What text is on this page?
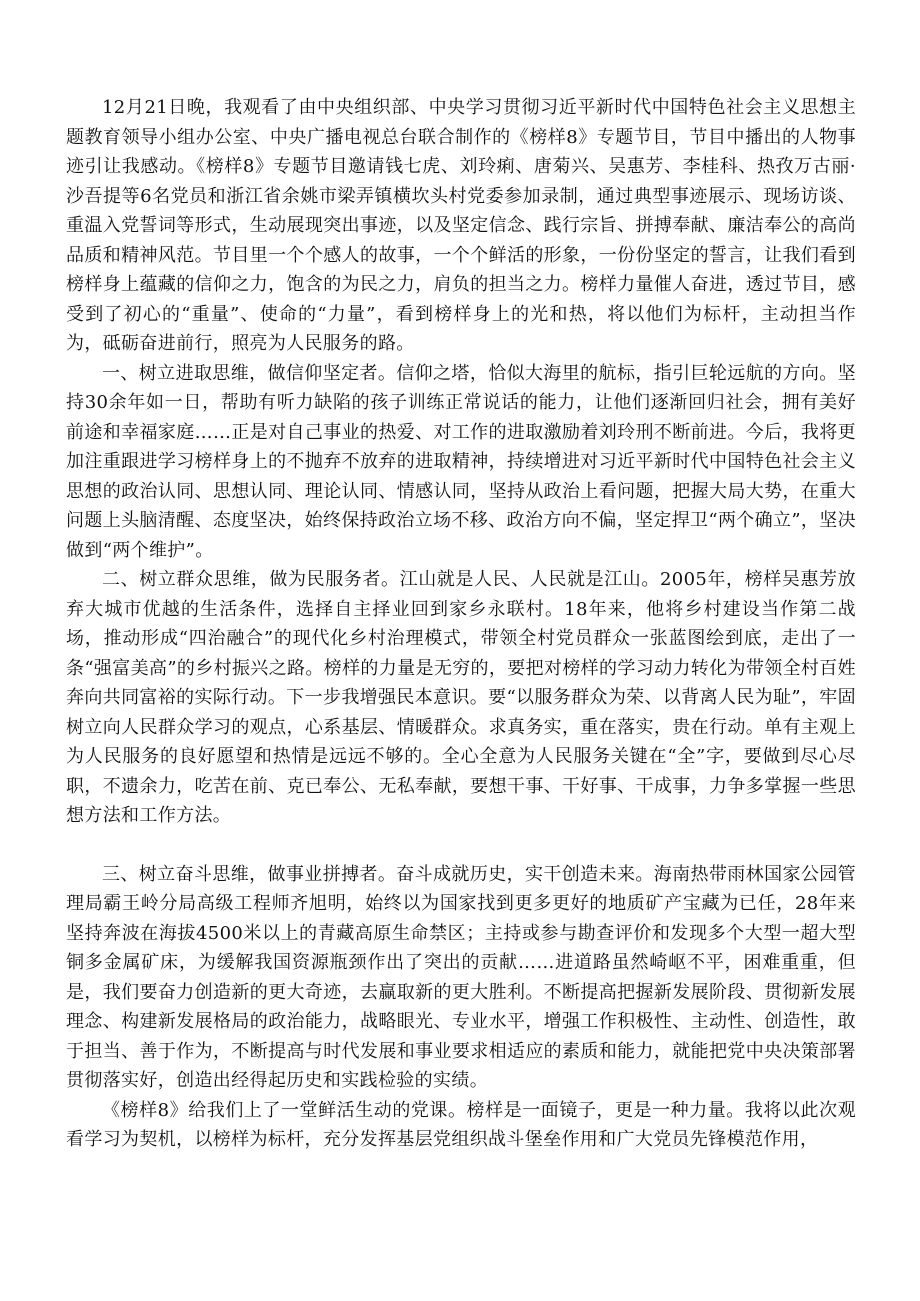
12月21日晚，我观看了由中央组织部、中央学习贯彻习近平新时代中国特色社会主义思想主题教育领导小组办公室、中央广播电视总台联合制作的《榜样8》专题节目，节目中播出的人物事迹引让我感动。《榜样8》专题节目邀请钱七虎、刘玲痢、唐菊兴、吴惠芳、李桂科、热孜万古丽·沙吾提等6名党员和浙江省余姚市梁弄镇横坎头村党委参加录制，通过典型事迹展示、现场访谈、重温入党誓词等形式，生动展现突出事迹，以及坚定信念、践行宗旨、拼搏奉献、廉洁奉公的高尚品质和精神风范。节目里一个个感人的故事，一个个鲜活的形象，一份份坚定的誓言，让我们看到榜样身上蕴藏的信仰之力，饱含的为民之力，肩负的担当之力。榜样力量催人奋进，透过节目，感受到了初心的“重量”、使命的“力量”，看到榜样身上的光和热，将以他们为标杆，主动担当作为，砥砺奋进前行，照亮为人民服务的路。

一、树立进取思维，做信仰坚定者。信仰之塔，恰似大海里的航标，指引巨轮远航的方向。坚持30余年如一日，帮助有听力缺陷的孩子训练正常说话的能力，让他们逐渐回归社会，拥有美好前途和幸福家庭……正是对自己事业的热爱、对工作的进取激励着刘玲刑不断前进。今后，我将更加注重跟进学习榜样身上的不抛弃不放弃的进取精神，持续增进对习近平新时代中国特色社会主义思想的政治认同、思想认同、理论认同、情感认同，坚持从政治上看问题，把握大局大势，在重大问题上头脑清醒、态度坚决，始终保持政治立场不移、政治方向不偏，坚定捍卫“两个确立”，坚决做到“两个维护”。

二、树立群众思维，做为民服务者。江山就是人民、人民就是江山。2005年，榜样吴惠芳放弃大城市优越的生活条件，选择自主择业回到家乡永联村。18年来，他将乡村建设当作第二战场，推动形成“四治融合”的现代化乡村治理模式，带领全村党员群众一张蓝图绘到底，走出了一条“强富美高”的乡村振兴之路。榜样的力量是无穷的，要把对榜样的学习动力转化为带领全村百姓奔向共同富裕的实际行动。下一步我增强民本意识。要“以服务群众为荣、以背离人民为耻”，牢固树立向人民群众学习的观点，心系基层、情暖群众。求真务实，重在落实，贵在行动。单有主观上为人民服务的良好愿望和热情是远远不够的。全心全意为人民服务关键在“全”字，要做到尽心尽职，不遗余力，吃苦在前、克已奉公、无私奉献，要想干事、干好事、干成事，力争多掌握一些思想方法和工作方法。

三、树立奋斗思维，做事业拼搏者。奋斗成就历史，实干创造未来。海南热带雨林国家公园管理局霸王岭分局高级工程师齐旭明，始终以为国家找到更多更好的地质矿产宝藏为已任，28年来坚持奔波在海拔4500米以上的青藏高原生命禁区；主持或参与勘查评价和发现多个大型一超大型铜多金属矿床，为缓解我国资源瓶颈作出了突出的贡献……进道路虽然崎岖不平，困难重重，但是，我们要奋力创造新的更大奇迹，去赢取新的更大胜利。不断提高把握新发展阶段、贯彻新发展理念、构建新发展格局的政治能力，战略眼光、专业水平，增强工作积极性、主动性、创造性，敢于担当、善于作为，不断提高与时代发展和事业要求相适应的素质和能力，就能把党中央决策部署贯彻落实好，创造出经得起历史和实践检验的实绩。

《榜样8》给我们上了一堂鲜活生动的党课。榜样是一面镜子，更是一种力量。我将以此次观看学习为契机，以榜样为标杆，充分发挥基层党组织战斗堡垒作用和广大党员先锋模范作用，
